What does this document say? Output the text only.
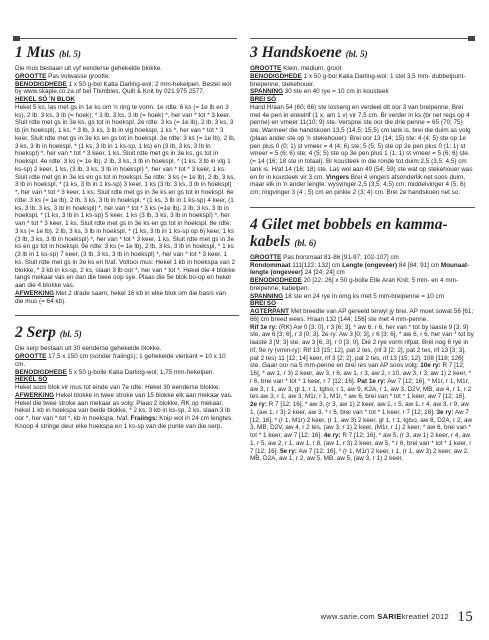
1 Mus (bl. 5)

Die mus bestaan uit vyf eenderse gehekelde blokke.

GROOTTE Pas volwasse grootte.

BENODIGDHEDE 1 x 50 g-bol Katia Darling-wol; 2 mm-hekelpen. Bestel wol by www.skapie.co.za of bel Thimbles, Quilt & Knit by 021 975 2577.

HEKEL SÓ 'N BLOK

Hekel 5 ks, las met gs in 1e ks om 'n ring te vorm. 1e rdte: 6 ks (= 1e lb en 3 ks), 2 lb, 3 ks, 3 lb (= hoek); * 3 lb, 3 ks, 3 lb (= hoek) *, her van * tot * 3 keer. Sluit rdte met gs in 3e ks, gs tot in hoekspl. 2e rdte: 3 ks (= 1e lb), 2 lb, 3 ks, 3 lb (in hoekspl), 1 ks, * 3 lb, 3 ks, 3 lb in vlg hoekspl, 1 ks *, her van * tot * 3 keer. Sluit rdte met gs in 3e ks en gs tot in hoekspl. 3e rdte: 3 ks (= 1e lb), 2 lb, 3 ks, 3 lb in hoekspl, * (1 ks, 3 lb in 1 ks-sp, 1 ks) en (3 lb, 3 ks, 3 lb in hoekspl) *, her van * tot * 3 keer, 1 ks. Sluit rdte met gs in 3e ks, gs tot in hoekspl. 4e rdte: 3 ks (= 1e lb), 2 lb, 3 ks, 3 lb in hoekspl, * (1 ks, 3 lb in vlg 1 ks-sp) 2 keer, 1 ks, (3 lb, 3 ks, 3 lb in hoekspl) *, her van * tot * 3 keer, 1 ks. Sluit rdte met gs in 3e ks en gs tot in hoekspl. 5e rdte: 3 ks (= 1e lb), 2 lb, 3 ks, 3 lb in hoekspl, * (1 ks, 3 lb in 1 ks-sp) 3 keer, 1 ks (3 lb, 3 ks, 3 lb in hoekspl) *, her van * tot * 3 keer, 1 ks. Sluit rdte met gs in 3e ks en gs tot in hoekspl. 6e rdte: 3 ks (= 1e lb), 2 lb, 3 ks, 3 lb in hoekspl, * (1 ks, 3 lb in 1 ks-sp) 4 keer, (1 ks, 3 lb, 3 ks, 3 lb in hoekspl) *, her van * tot * 3 ks (=1e lb), 2 lb, 3 ks, 3 lb in hoekspl, * (1 ks, 3 lb in 1 ks-sp) 5 keer, 1 ks (3 lb, 3 ks, 3 lb in hoekspl) *, her van * tot * 3 keer, 1 ks. Sluit rdte met gs in 3e ks en gs tot in hoekspl. 8e rdte: 3 ks (= 1e lb), 2 lb, 3 ks, 3 lb in hoekspl, * (1 ks, 3 lb in 1 ks-sp op 6) keer, 1 ks (3 lb, 3 ks, 3 lb in hoekspl) *, her van * tot * 3 keer, 1 ks. Sluit rdte met gs in 3e ks en gs tot in hoekspl. 9e rdte: 3 ks (= 1e lb), 2 lb, 3 ks, 3 lb in hoekspl, * 1 ks (3 lb in 1 ks-sp) 7 keer, (3 lb, 3 ks, 3 lb in hoekspl) *, her van * tot * 3 keer, 1 ks. Sluit rdte met gs in 3e ks en h/af. Voltooi mus: Hekel 1 kb in hoekspa van 2 blokke, * 3 kb in ks-sp, 2 ks, slaan 3 lb oor *, her van * tot *. Hekel die 4 blokke langs mekaar vas en dan die twee oop sye. Plaas die 5e blok bo-op en hekel aan die 4 blokke vas.

AFWERKING Met 2 drade saam, hekel 16 kb in elke blok om die basis van die mus (= 64 kb).

2 Serp (bl. 5)

Die serp bestaan uit 30 eenderse gehekelde blokke.

GROOTTE 17,5 x 150 cm (sonder fraiings); 1 gehekelde vierkant = 10 x 10 cm.

BENODIGDHEDE 5 x 50 g-bolle Katia Darling-wol; 1,75 mm-hekelpen.

HEKEL SÓ

Hekel soos blok vir mus tot einde van 7e rdte. Hekel 30 eenderse blokke.

AFWERKING Hekel blokke in twee stroke van 15 blokke elk aan mekaar vas. Hekel die twee stroke aan mekaar as volg: Plaas 2 blokke, RK op mekaar, hekel 1 kb in hoekspa van beide blokke, * 2 ks, 3 kb in ks-sp, 2 ks, slaan 3 lb oor *, her van * tot *, kb in hoekspa, h/af. Fraiings: Knip wol in 24 cm lengtes. Knoop 4 stringe deur elke hoekspa en 1 ks-sp van die punte van die serp.

3 Handskoene (bl. 5)

GROOTTE Klein, medium, groot

BENODIGDHEDE 1 x 50 g-bol Katia Darling-wol; 1 stel 3,5 mm- dubbelpunt-breipenne; stekehouer.

SPANNING 30 ste en 40 rye = 10 cm in kousteek

BREI SÓ

Hand H/aan 54 (60; 66) ste losserig en verdeel dit oor 3 van breipenne. Brei met 4e pen in enkelrif (1 x, am 1 v) vir 7,5 cm. Br verder in ks (br net regs op 4 penne) en vmeer 11(10; 9) ste. Versprei ste oor die drie penne = 65 (70; 75) ste. Wanneer die handskoen 13,5 (14,5; 15,5) cm lank is, brei die duim as volg (plaas ander ste op 'n stekehouer): Brei oor 13 (14; 15) ste: 4 (4; 5) ste op 1e pen plus 0 (0; 1) st vmeer = 4 (4; 6) ste; 5 (5; 5) ste op 2e pen plus 0 (1; 1) st vmeer = 5 (6; 6) ste; 4 (5; 5) ste op 3e pen plus 1 (1; 1) st vmeer = 5 (6; 6) ste. (= 14 (16; 18 ste in totaal). Br kousteek in die ronde tot duim 2,5 (3,5; 4,5) cm lank is. H/af 14 (16; 18) ste. Las wol aan 49 (54; 59) ste wat op stekehouer was en br in kousteek vir 3 cm. Vingers Brei 4 vingers afsonderlik net soos duim, maar elk in 'n ander lengte: wysvinger 2,5 (3,5; 4,5) cm; middelvinger 4 (5; 6) cm; ringvinger 3 (4 ; 5) cm en pinkie 2 (3; 4) cm. Brei 2e handskoen net so.

4 Gilet met bobbels en kamma-kabels (bl. 6)

GROOTTE Pas borsmaat 81-86 [91-97; 102-107] cm

Rondommaat 111[122; 132] cm Lengte (ongeveer) 84 [84; 91] cm Mounaat-lengte (ongeveer) 24 [24; 24] cm

BENODIGDHEDE 20 [22; 26] x 50 g-bolle Elle Aran Knit; 5 mm- en 4 mm-breipenne; kabelpen.

SPANNING 18 ste en 24 rye in omg ks met 5 mm-breipenne = 10 cm

BREI SÓ

AGTERPANT Met breedte van AP gereeld terwyl jy brei. AP moet sowat 56 [61; 66] cm breed wees. H/aan 132 [144; 156] ste met 4 mm-penne.

Rif 1e ry: (RK) Aw 0 [3; 0], r 3 [6; 3], * aw 6, r 6, her van * tot by laaste 9 [3; 9] ste, aw 6 [3; 6], r 3 [0; 3]. 2e ry: Aw 3 [0; 3], r 6 [3; 6], * aw 6, r 6, her van * tot by laaste 3 [9; 3] ste, aw 3 [6; 3], r 0 [3; 0]. Dié 2 rye vorm rifpat. Brei nog 6 rye in rif. 9e ry (vmin-ry): Rif 13 [15; 12], pat 2 tes, (rif 3 [2; 2], pat 2 tes, rif 13 [3; 3], pat 2 tes) 11 [12; 14] keer, rif 3 [2; 2], pat 2 tes, rif 13 [15; 12]. 108 [118; 126] ste. Gaan oor na 5 mm-penne en brei res van AP soos volg: 10e ry: R 7 [12; 16], * aw 1, r 3) 2 keer, aw 3, r 6, aw 1, r 3, aw 2, r 10, aw 3, r 3, aw 1) 2 keer, * r 6, brei van * tot * 1 keer, r 7 [12; 16]. Pat 1e ry: Aw 7 [12; 16], * M1r, r 1, M1r, aw 3, r 1, aw 3, gl 1, r 1, tglso, r 1, aw 9, K2A, r 1, aw 3, D2V, MB, aw 4, r 1, r 2 tes aw 3, r 1, aw 3, M1r, r 1, M1r, * aw 6, brei van * tot * 1 keer, aw 7 [12; 16]. 2e ry: R 7 [12; 16], * aw 3, (r 3, aw 1) 2 keer, aw 1, r 5, aw 1, r 4, aw 3, r 9, aw 1, (aw 1, r 3) 2 keer, aw 3, * r 6, brei van * tot * 1 keer, r 7 [12; 16]. 3e ry: Aw 7 [12; 16], * (r 1, M1r) 2 keer, (r 1, aw 3) 2 keer, gl 1, r 1, tglso, aw 8, D2A, r 2, aw 3, MB, D2V, aw 4, r 2 tes, (aw 3, r 1) 2 keer, (M1r, r 1) 2 keer, * aw 6, brei van * tot * 1 keer, aw 7 [12; 16]. 4e ry: R 7 [12; 16], * aw 5, (r 3, aw 1) 2 keer, r 4, aw 1, r 5, aw 2, r 1, aw 1, r 8, (aw 1, r 3) 2 keer, aw 5, * r 6, brei van * tot * 1 keer, r 7 [12; 16]. 5e ry: Aw 7 [12; 16], * (r 1, M1r) 2 keer, r 1, (r 1, aw 3) 2 keer, aw 2, MB, D2A, aw 1, r 2, aw 5, MB, aw 5, (aw 3, r 1) 2 keer,

www.sarie.com SARIEkreatief 2012 15
